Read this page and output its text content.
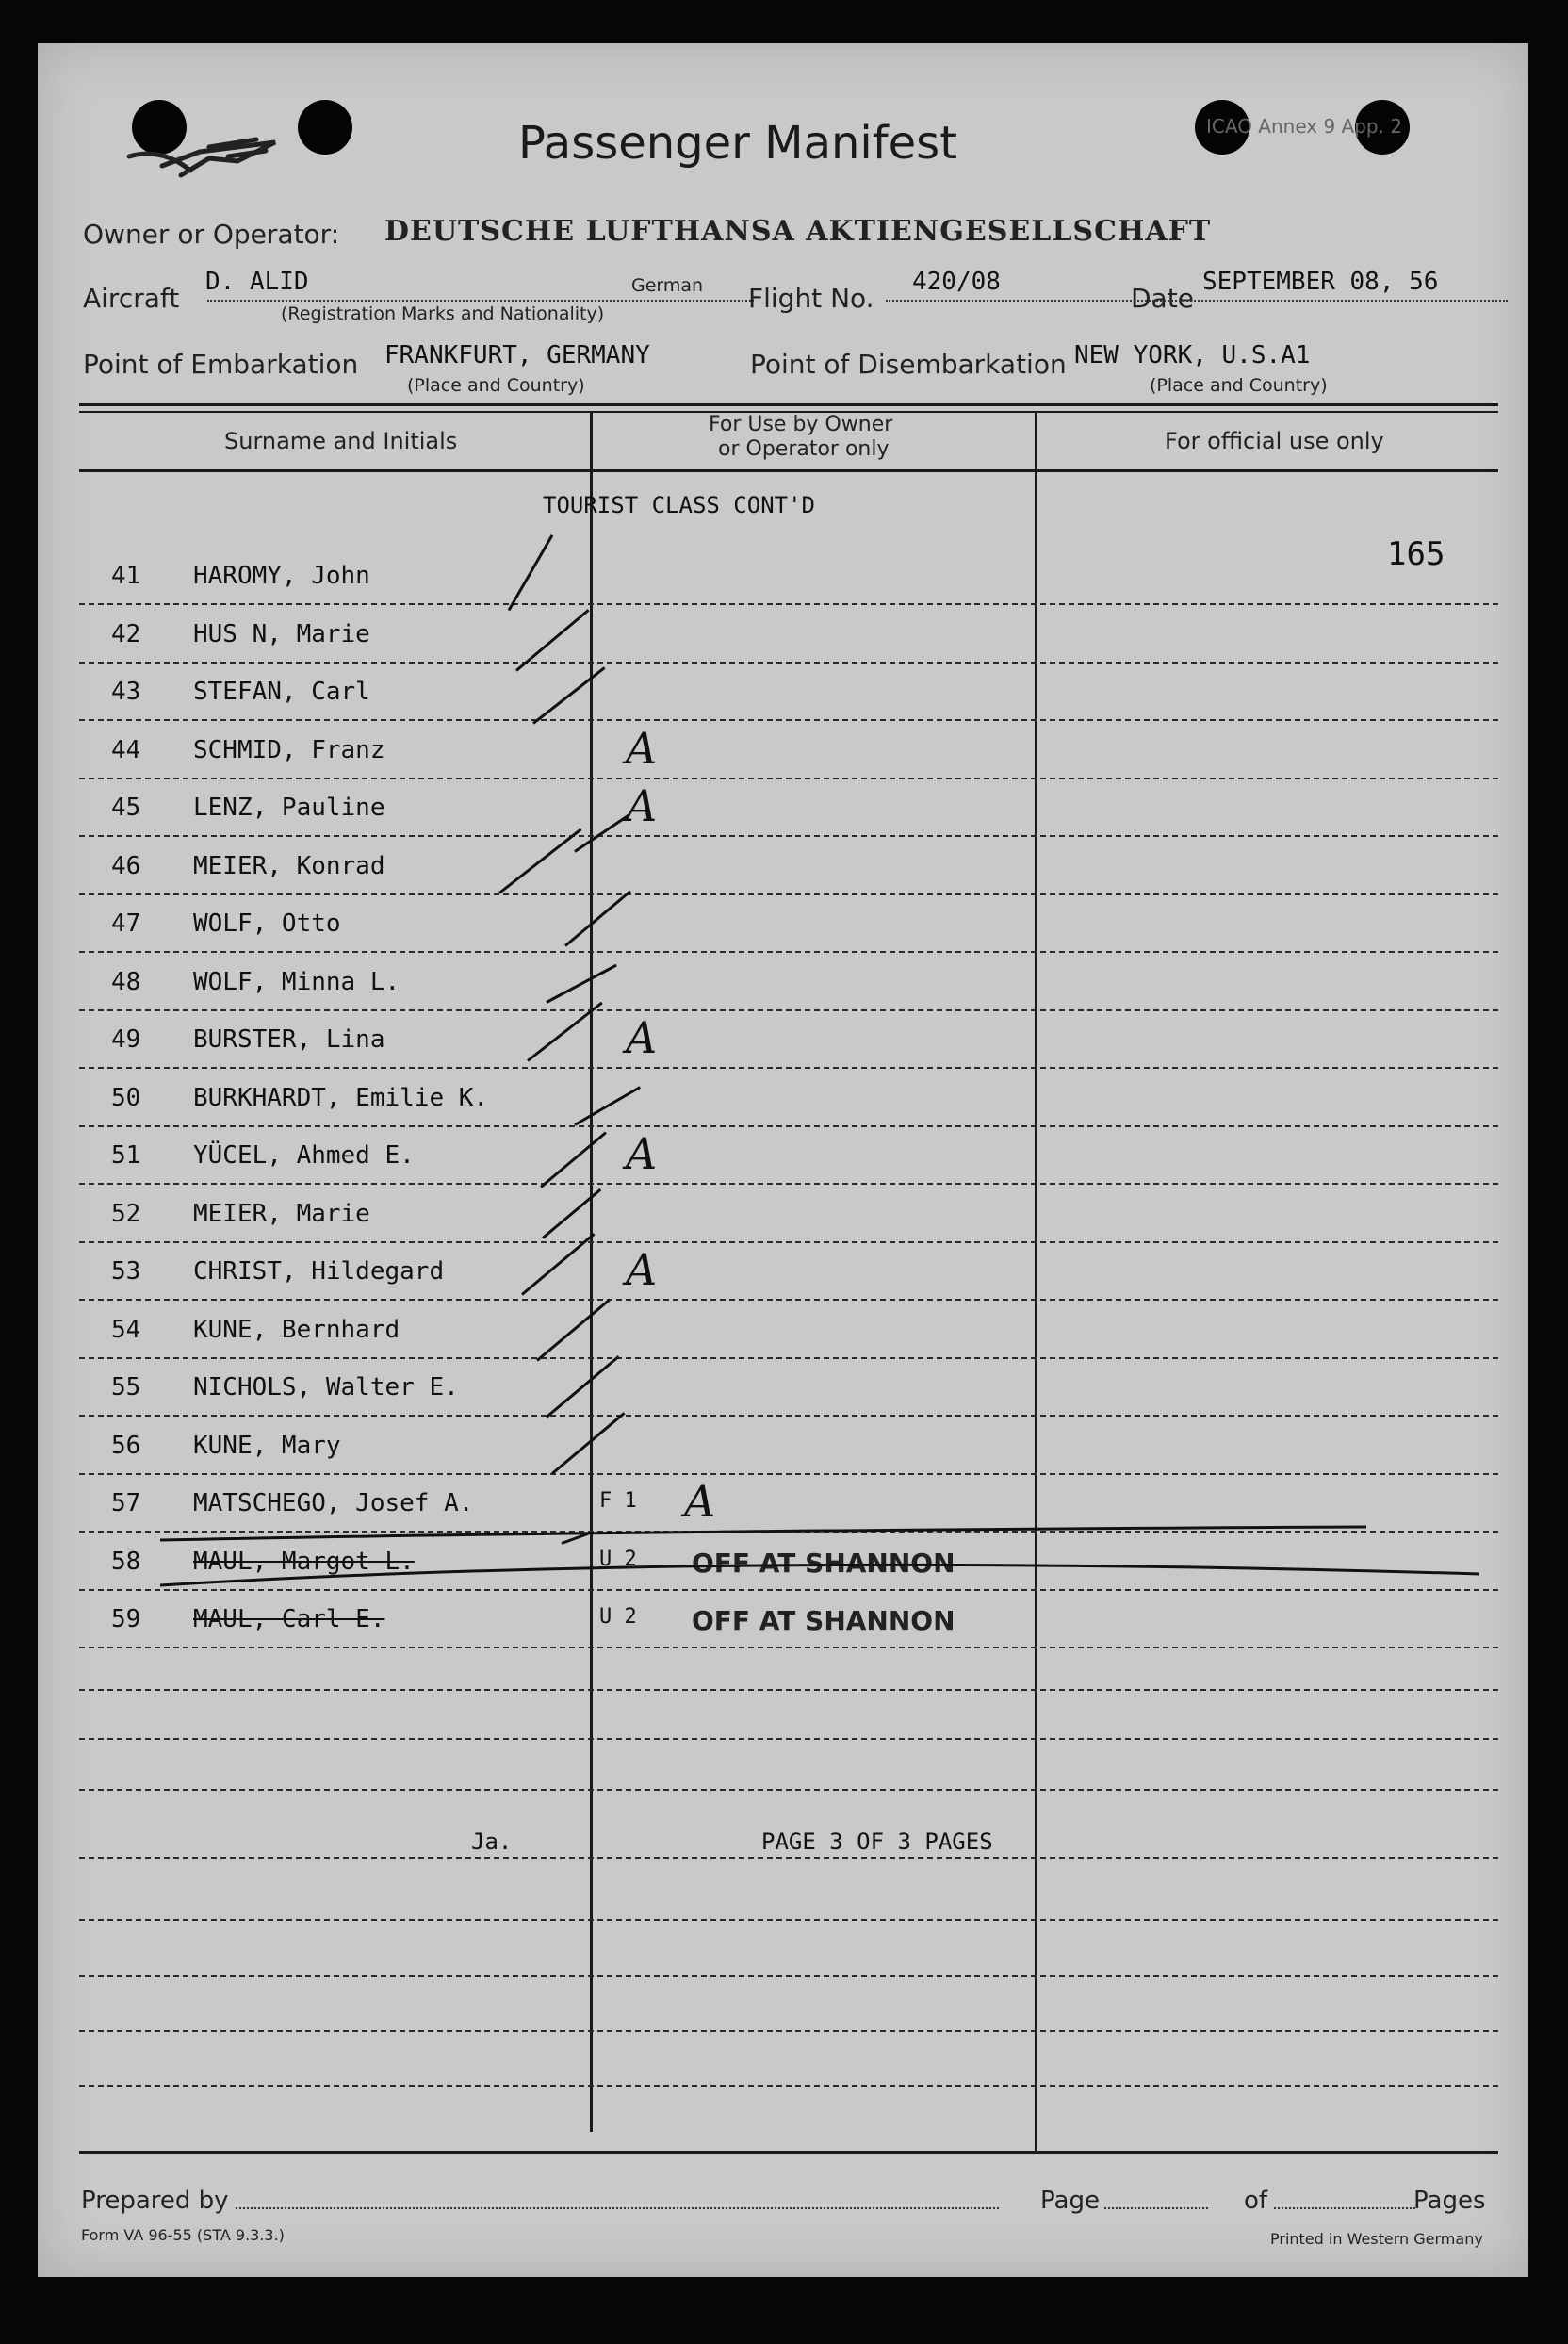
Passenger Manifest	ICAO Annex 9 App. 2
Owner or Operator: DEUTSCHE LUFTHANSA AKTIENGESELLSCHAFT
Aircraft
D. ALID	German
(Registration Marks and Nationality)	Flight No.
420/08
Date
SEPTEMBER 08, 56
Point of Embarkation FRANKFURT, GERMANY
(Place and Country)
Point of Disembarkation NEW YORK, U.S.A1
(Place and Country)
Surname and Initials
For Use by Owner
or Operator only	For official use only
TOURIST CLASS CONT'D
165
41	HAROMY, John
42	HUS N, Marie
43	STEFAN, Carl
44	SCHMID, Franz	A
45	LENZ, Pauline	A
46	MEIER, Konrad
47	WOLF, Otto
48	WOLF, Minna L.
49	BURSTER, Lina	A
50	BURKHARDT, Emilie K.
51	YÜCEL, Ahmed E.	A
52	MEIER, Marie
53	CHRIST, Hildegard	A
54	KUNE, Bernhard
55	NICHOLS, Walter E.
56	KUNE, Mary
57	MATSCHEGO, Josef A.	F 1 A
58	MAUL, Margot L.	U 2 OFF AT SHANNON
59	MAUL, Carl E.	U 2 OFF AT SHANNON
Ja.	PAGE 3 OF 3 PAGES
Prepared by	Page	of	Pages
Form VA 96-55 (STA 9.3.3.)	Printed in Western Germany
